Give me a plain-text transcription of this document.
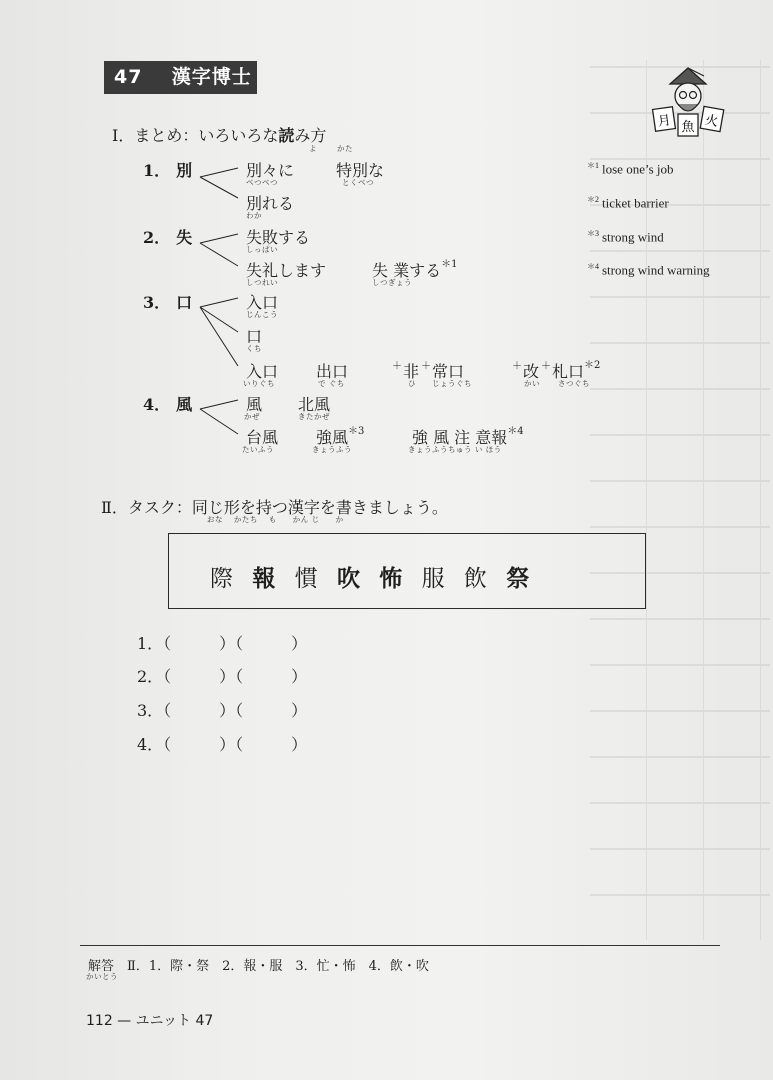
47 漢字博士
月 魚 火
Ⅰ．まとめ：いろいろな読み方
よ	かた
$^{*1}$ lose one’s job
$^{*2}$ ticket barrier
$^{*3}$ strong wind
$^{*4}$ strong wind warning
1． 別	別々に
べつべつ
特別な
とくべつ
別れる
わか
2． 失	失敗する
しっぱい
失礼します
しつれい
失 業する$^{*1}$
しつぎょう
3． 口	入口
じんこう
口
くち
入口
いりぐち
出口
で ぐち
＋非 ＋常口
ひ じょうぐち
＋改 ＋札口$^{*2}$
かい さつぐち
4． 風	風
かぜ
北風
きたかぜ
台風
たいふう
強風$^{*3}$
きょうふう
強 風 注 意報$^{*4}$
きょうふうちゅう い ほう
Ⅱ．タスク：同じ形を持つ漢字を書きましょう。
おな　 かたち　 も　　かん じ　　か
際 報 慣 吹 怖 服 飲 祭
1．（　　　）（　　　）
2．（　　　）（　　　）
3．（　　　）（　　　）
4．（　　　）（　　　）
解答　Ⅱ．1．際・祭　2．報・服　3．忙・怖　4．飲・吹
かいとう
112 — ユニット 47
